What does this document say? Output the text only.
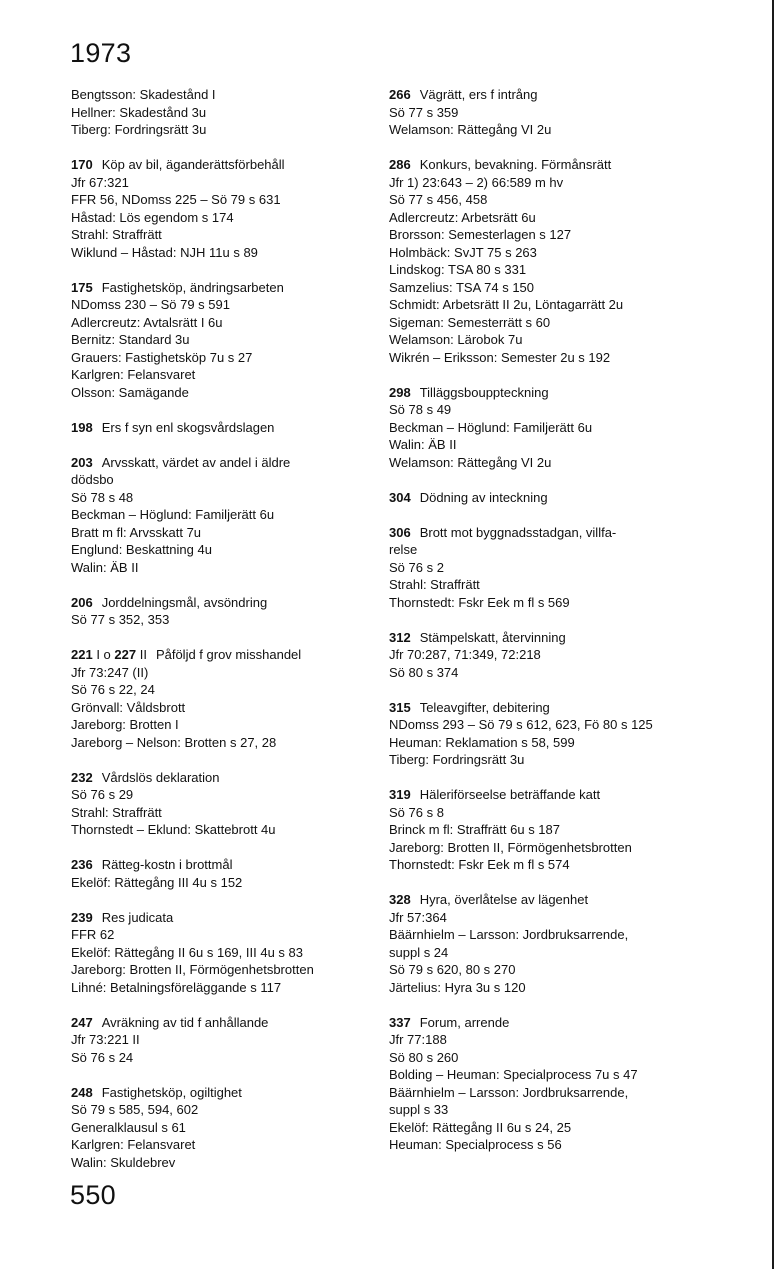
1973
Bengtsson: Skadestånd I
Hellner: Skadestånd 3u
Tiberg: Fordringsrätt 3u
170 Köp av bil, äganderättsförbehåll
Jfr 67:321
FFR 56, NDomss 225 – Sö 79 s 631
Håstad: Lös egendom s 174
Strahl: Straffrätt
Wiklund – Håstad: NJH 11u s 89
175 Fastighetsköp, ändringsarbeten
NDomss 230 – Sö 79 s 591
Adlercreutz: Avtalsrätt I 6u
Bernitz: Standard 3u
Grauers: Fastighetsköp 7u s 27
Karlgren: Felansvaret
Olsson: Samägande
198 Ers f syn enl skogsvårdslagen
203 Arvsskatt, värdet av andel i äldre
dödsbo
Sö 78 s 48
Beckman – Höglund: Familjerätt 6u
Bratt m fl: Arvsskatt 7u
Englund: Beskattning 4u
Walin: ÄB II
206 Jorddelningsmål, avsöndring
Sö 77 s 352, 353
221 I o 227 II Påföljd f grov misshandel
Jfr 73:247 (II)
Sö 76 s 22, 24
Grönvall: Våldsbrott
Jareborg: Brotten I
Jareborg – Nelson: Brotten s 27, 28
232 Vårdslös deklaration
Sö 76 s 29
Strahl: Straffrätt
Thornstedt – Eklund: Skattebrott 4u
236 Rätteg-kostn i brottmål
Ekelöf: Rättegång III 4u s 152
239 Res judicata
FFR 62
Ekelöf: Rättegång II 6u s 169, III 4u s 83
Jareborg: Brotten II, Förmögenhetsbrotten
Lihné: Betalningsföreläggande s 117
247 Avräkning av tid f anhållande
Jfr 73:221 II
Sö 76 s 24
248 Fastighetsköp, ogiltighet
Sö 79 s 585, 594, 602
Generalklausul s 61
Karlgren: Felansvaret
Walin: Skuldebrev
266 Vägrätt, ers f intrång
Sö 77 s 359
Welamson: Rättegång VI 2u
286 Konkurs, bevakning. Förmånsrätt
Jfr 1) 23:643 – 2) 66:589 m hv
Sö 77 s 456, 458
Adlercreutz: Arbetsrätt 6u
Brorsson: Semesterlagen s 127
Holmbäck: SvJT 75 s 263
Lindskog: TSA 80 s 331
Samzelius: TSA 74 s 150
Schmidt: Arbetsrätt II 2u, Löntagarrätt 2u
Sigeman: Semesterrätt s 60
Welamson: Lärobok 7u
Wikrén – Eriksson: Semester 2u s 192
298 Tilläggsbouppteckning
Sö 78 s 49
Beckman – Höglund: Familjerätt 6u
Walin: ÄB II
Welamson: Rättegång VI 2u
304 Dödning av inteckning
306 Brott mot byggnadsstadgan, villfa-
relse
Sö 76 s 2
Strahl: Straffrätt
Thornstedt: Fskr Eek m fl s 569
312 Stämpelskatt, återvinning
Jfr 70:287, 71:349, 72:218
Sö 80 s 374
315 Teleavgifter, debitering
NDomss 293 – Sö 79 s 612, 623, Fö 80 s 125
Heuman: Reklamation s 58, 599
Tiberg: Fordringsrätt 3u
319 Häleriförseelse beträffande katt
Sö 76 s 8
Brinck m fl: Straffrätt 6u s 187
Jareborg: Brotten II, Förmögenhetsbrotten
Thornstedt: Fskr Eek m fl s 574
328 Hyra, överlåtelse av lägenhet
Jfr 57:364
Bäärnhielm – Larsson: Jordbruksarrende,
suppl s 24
Sö 79 s 620, 80 s 270
Järtelius: Hyra 3u s 120
337 Forum, arrende
Jfr 77:188
Sö 80 s 260
Bolding – Heuman: Specialprocess 7u s 47
Bäärnhielm – Larsson: Jordbruksarrende,
suppl s 33
Ekelöf: Rättegång II 6u s 24, 25
Heuman: Specialprocess s 56
550
